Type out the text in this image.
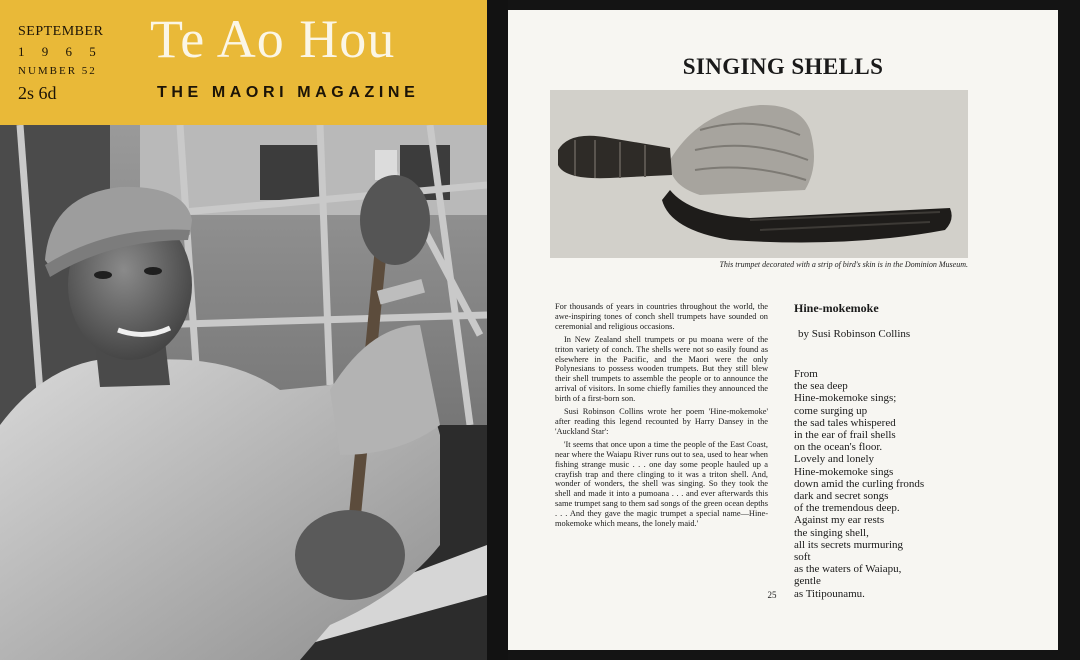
SEPTEMBER
1 9 6 5
NUMBER 52
2s 6d
Te Ao Hou
THE MAORI MAGAZINE
SINGING SHELLS
This trumpet decorated with a strip of bird's skin is in the Dominion Museum.

For thousands of years in countries throughout the world, the awe-inspiring tones of conch shell trumpets have sounded on ceremonial and religious occasions.

In New Zealand shell trumpets or pu moana were of the triton variety of conch. The shells were not so easily found as elsewhere in the Pacific, and the Maori were the only Polynesians to possess wooden trumpets. But they still blew their shell trumpets to assemble the people or to announce the arrival of visitors. In some chiefly families they announced the birth of a first-born son.

Susi Robinson Collins wrote her poem 'Hine-mokemoke' after reading this legend recounted by Harry Dansey in the 'Auckland Star':

'It seems that once upon a time the people of the East Coast, near where the Waiapu River runs out to sea, used to hear when fishing strange music . . . one day some people hauled up a crayfish trap and there clinging to it was a triton shell. And, wonder of wonders, the shell was singing. So they took the shell and made it into a pumoana . . . and ever afterwards this same trumpet sang to them sad songs of the green ocean depths . . . And they gave the magic trumpet a special name—Hine-mokemoke which means, the lonely maid.'

Hine-mokemoke
by Susi Robinson Collins
From
the sea deep
Hine-mokemoke sings;
come surging up
the sad tales whispered
in the ear of frail shells
on the ocean's floor.
Lovely and lonely
Hine-mokemoke sings
down amid the curling fronds
dark and secret songs
of the tremendous deep.
Against my ear rests
the singing shell,
all its secrets murmuring
soft
as the waters of Waiapu,
gentle
as Titipounamu.
25
